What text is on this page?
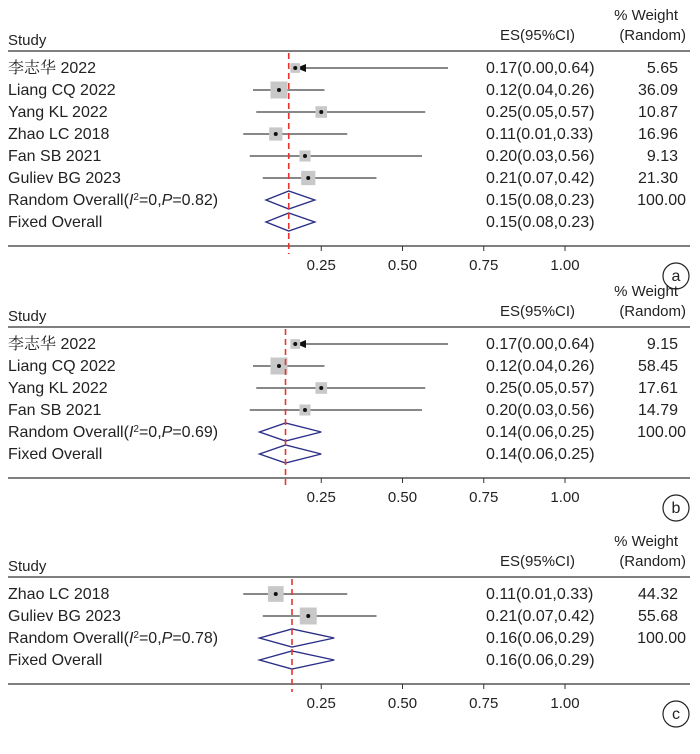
% Weight
(Random)
Study	ES(95%CI)
李志华 2022	0.17(0.00,0.64)	5.65
Liang CQ 2022	0.12(0.04,0.26)	36.09
Yang KL 2022	0.25(0.05,0.57)	10.87
Zhao LC 2018	0.11(0.01,0.33)	16.96
Fan SB 2021	0.20(0.03,0.56)	9.13
Guliev BG 2023	0.21(0.07,0.42)	21.30
Random $Overall(I^2=0,P=0.82)$	0.15(0.08,0.23)	100.00
Fixed Overall	0.15(0.08,0.23)
0.25	0.50	0.75	1.00
a
% Weight
(Random)
Study	ES(95%CI)
李志华 2022	0.17(0.00,0.64)	9.15
Liang CQ 2022	0.12(0.04,0.26)	58.45
Yang KL 2022	0.25(0.05,0.57)	17.61
Fan SB 2021	0.20(0.03,0.56)	14.79
Random $Overall(I^2=0,P=0.69)$	0.14(0.06,0.25)	100.00
Fixed Overall	0.14(0.06,0.25)
0.25	0.50	0.75	1.00
b
% Weight
(Random)
Study	ES(95%CI)
Zhao LC 2018	0.11(0.01,0.33)	44.32
Guliev BG 2023	0.21(0.07,0.42)	55.68
Random $Overall(I^2=0,P=0.78)$	0.16(0.06,0.29)	100.00
Fixed Overall	0.16(0.06,0.29)
0.25	0.50	0.75	1.00
c
